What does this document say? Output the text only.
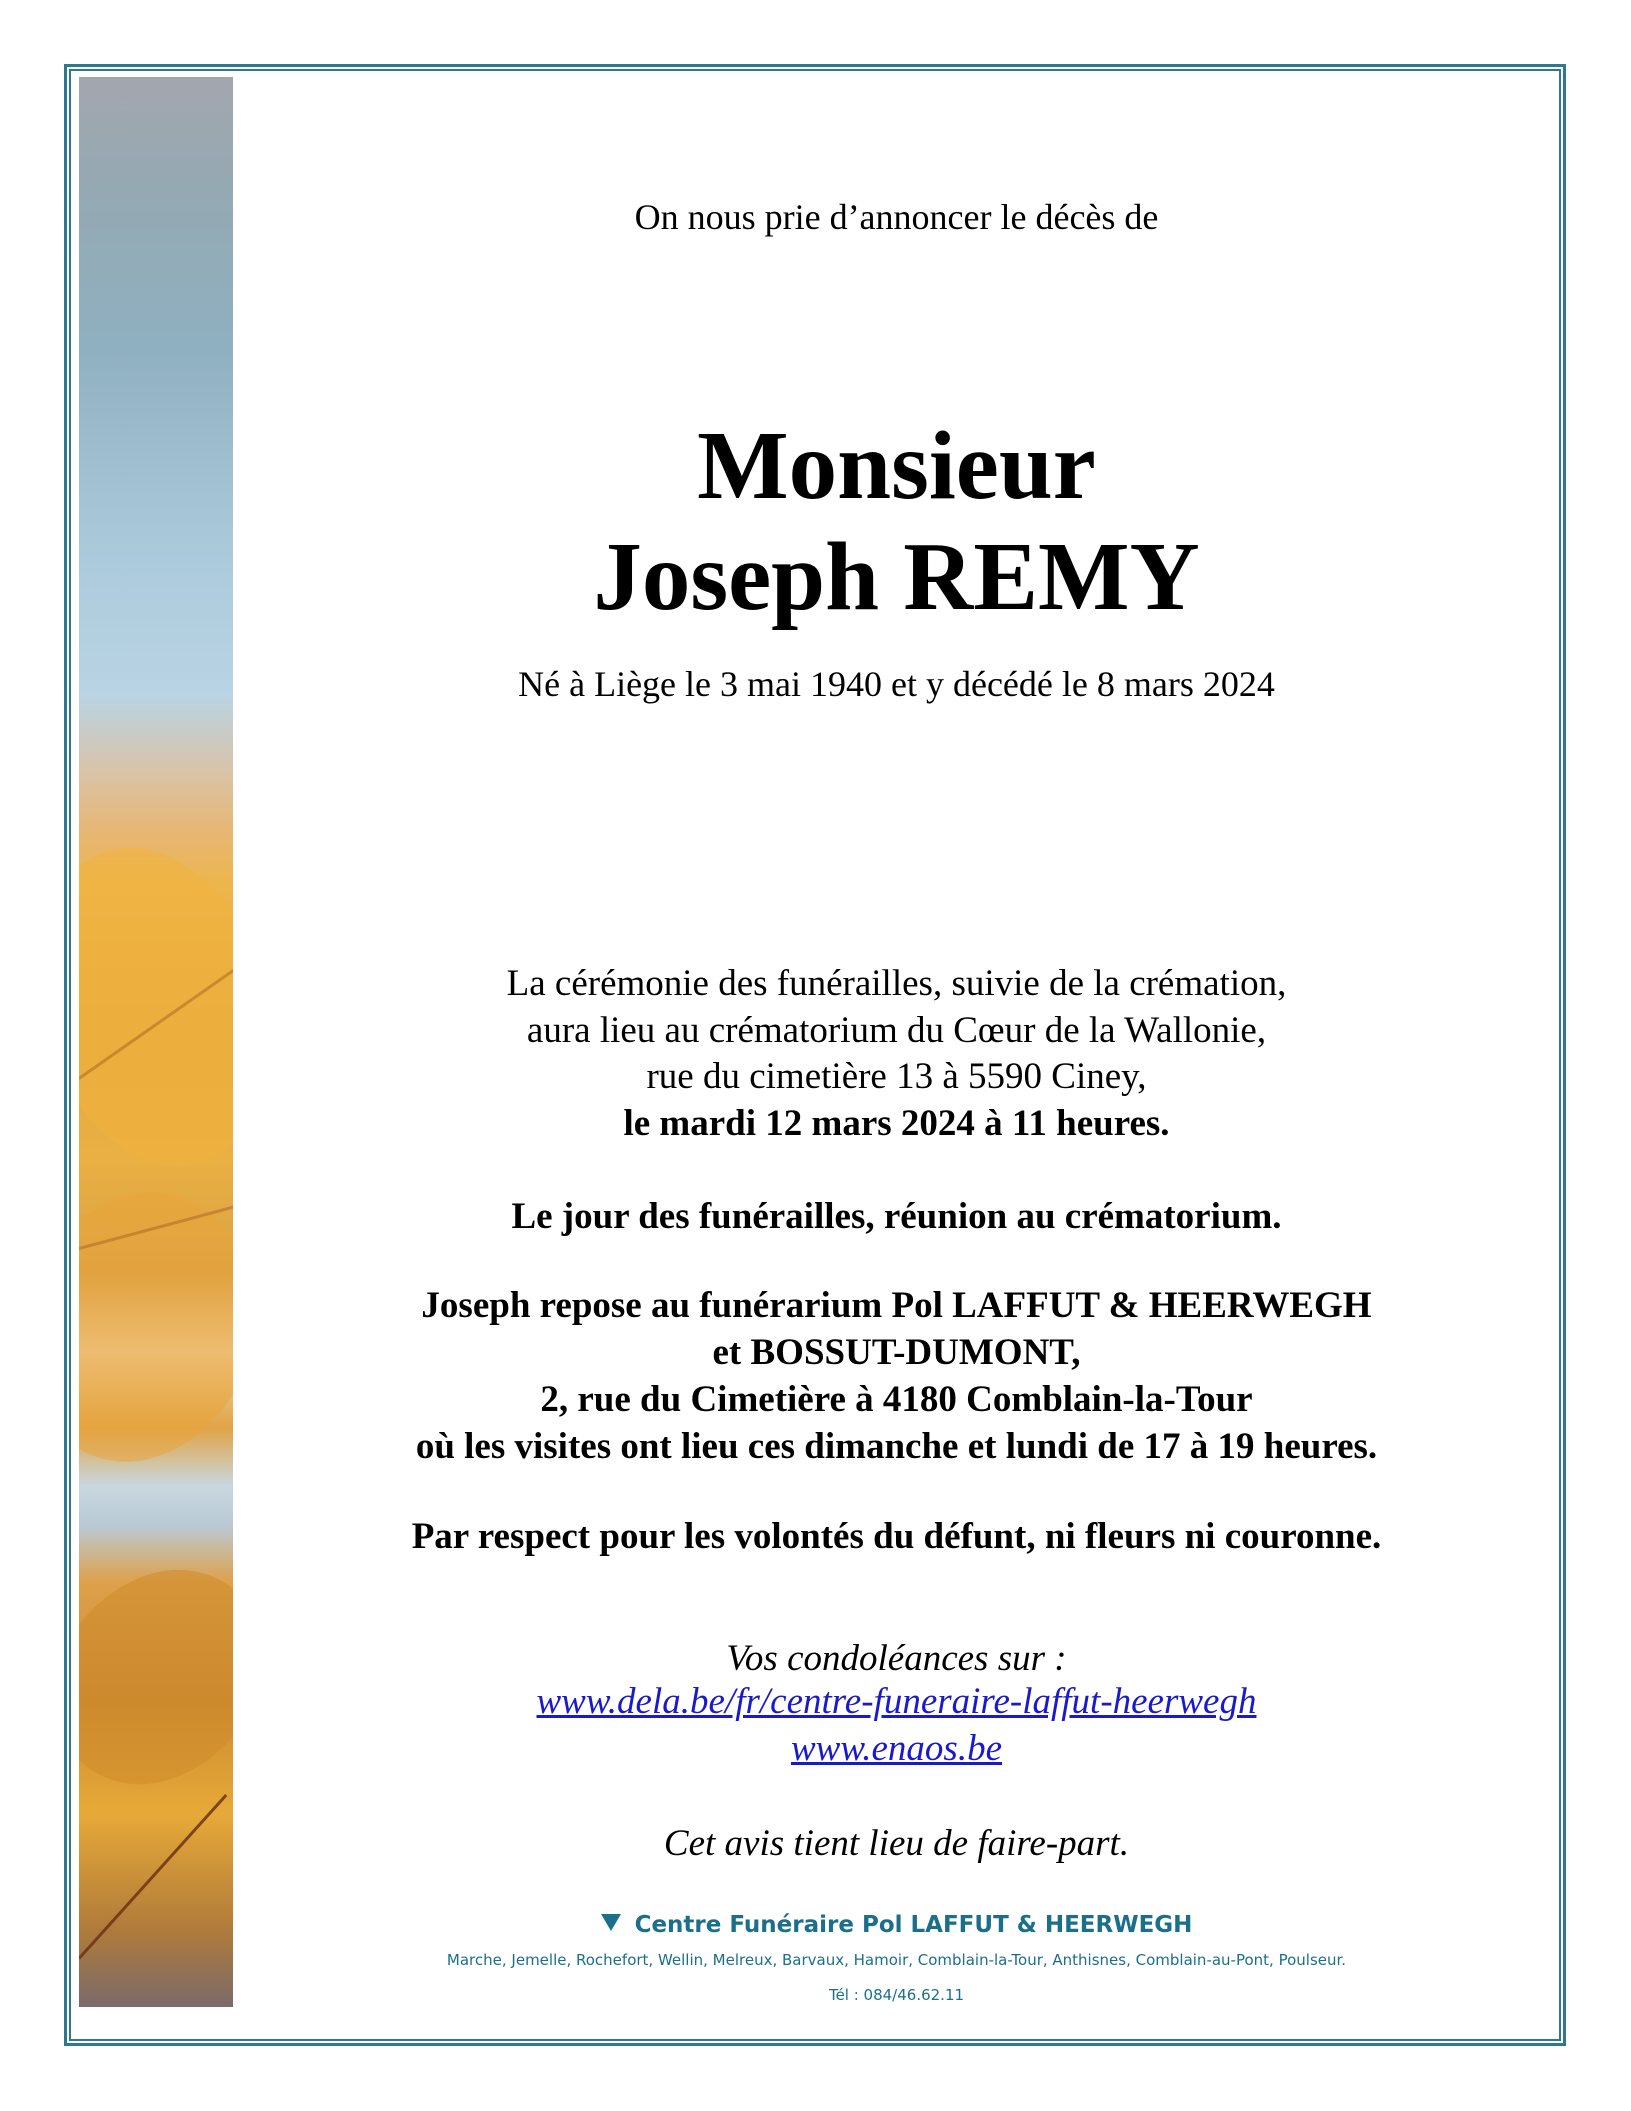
On nous prie d’annoncer le décès de
Monsieur
Joseph REMY
Né à Liège le 3 mai 1940 et y décédé le 8 mars 2024
La cérémonie des funérailles, suivie de la crémation,
aura lieu au crématorium du Cœur de la Wallonie,
rue du cimetière 13 à 5590 Ciney,
le mardi 12 mars 2024 à 11 heures.
Le jour des funérailles, réunion au crématorium.
Joseph repose au funérarium Pol LAFFUT & HEERWEGH
et BOSSUT-DUMONT,
2, rue du Cimetière à 4180 Comblain-la-Tour
où les visites ont lieu ces dimanche et lundi de 17 à 19 heures.
Par respect pour les volontés du défunt, ni fleurs ni couronne.
Vos condoléances sur :
www.dela.be/fr/centre-funeraire-laffut-heerwegh
www.enaos.be
Cet avis tient lieu de faire-part.
Centre Funéraire Pol LAFFUT & HEERWEGH
Marche, Jemelle, Rochefort, Wellin, Melreux, Barvaux, Hamoir, Comblain-la-Tour, Anthisnes, Comblain-au-Pont, Poulseur.
Tél : 084/46.62.11
